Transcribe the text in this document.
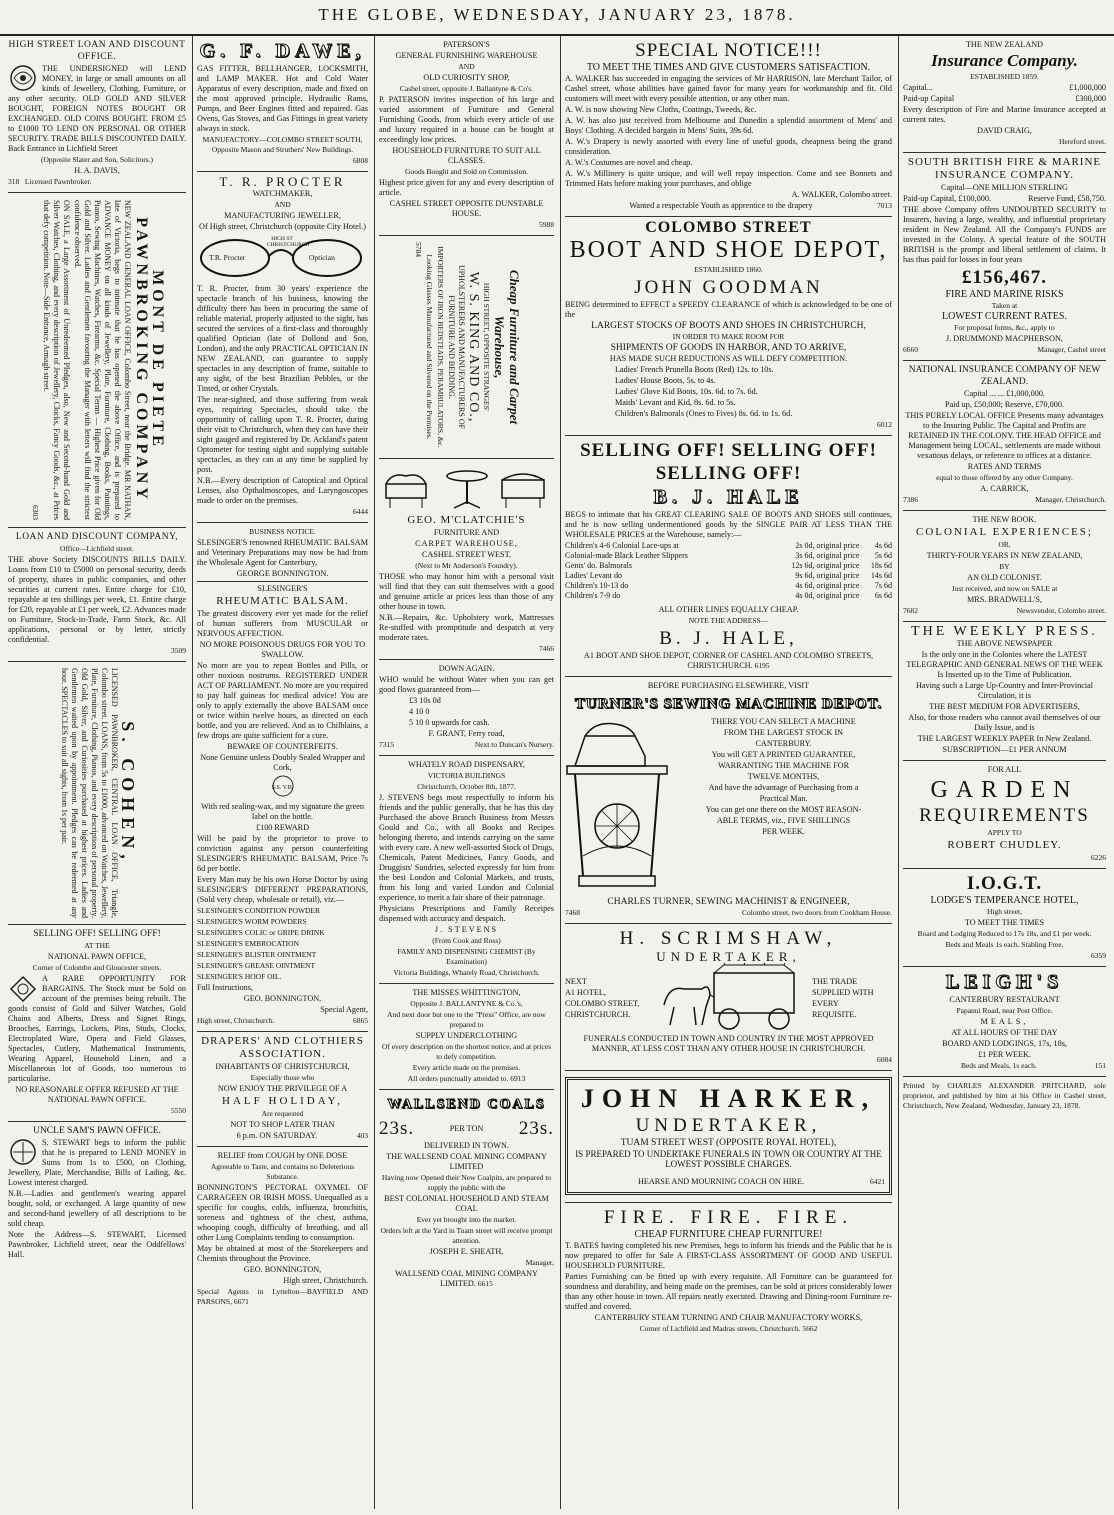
THE GLOBE, WEDNESDAY, JANUARY 23, 1878.
HIGH STREET LOAN AND DISCOUNT OFFICE.

THE UNDERSIGNED will LEND MONEY, in large or small amounts on all kinds of Jewellery, Clothing, Furniture, or any other security. OLD GOLD AND SILVER BOUGHT, FOREIGN NOTES BOUGHT OR EXCHANGED. OLD COINS BOUGHT. FROM £5 to £1000 TO LEND ON PERSONAL OR OTHER SECURITY. TRADE BILLS DISCOUNTED DAILY. Back Entrance in Lichfield Street

(Opposite Slater and Son, Solicitors.)

H. A. DAVIS,

318 Licensed Pawnbroker.

MONT DE PIETE PAWNBROKING COMPANY

NEW ZEALAND GENERAL LOAN OFFICE, Colombo Street, near the Bridge. MR NATHAN, late of Victoria, begs to intimate that he has opened the above Office, and is prepared to ADVANCE MONEY on all kinds of Jewellery, Plate, Furniture, Clothing, Books, Paintings, Pianos, Sewing Machines, Watches, Firearms, &c. Special Terms — Highest Price given for Old Gold and Silver. Ladies and Gentlemen favouring the Manager with letters will find the strictest confidence observed.

ON SALE, a Large Assortment of Unredeemed Pledges, also, New and Second-hand Gold and Silver Watches, Clothing, and every description of Jewellery, Clocks, Fancy Goods, &c., at Prices that defy competition. Note—Side Entrance, Armagh street.

6303

LOAN AND DISCOUNT COMPANY,

Office—Lichfield street.

THE above Society DISCOUNTS BILLS DAILY. Loans from £10 to £5000 on personal security, deeds of property, shares in public companies, and other securities at current rates. Entire charge for £10, repayable at ten shillings per week, £1. Entire charge for £20, repayable at £1 per week, £2. Advances made on Furniture, Stock-in-Trade, Farm Stock, &c. All applications, personal or by letter, strictly confidential.

3509

S. COHEN,

LICENSED PAWNBROKER, CENTRAL LOAN OFFICE, Triangle, Colombo street. LOANS, from 5s to £1000, advanced on Watches, Jewellery, Plate, Furniture, Clothing, Pianos, and every description of personal property. Old Gold, Silver, and Curiosities purchased at highest prices. Ladies and Gentlemen waited upon by appointment. Pledges can be redeemed at any hour. SPECTACLES to suit all sights, from 1s per pair.

SELLING OFF! SELLING OFF!

AT THE

NATIONAL PAWN OFFICE,

Corner of Colombo and Gloucester streets.

A RARE OPPORTUNITY FOR BARGAINS. The Stock must be Sold on account of the premises being rebuilt. The goods consist of Gold and Silver Watches, Gold Chains and Alberts, Dress and Signet Rings, Brooches, Earrings, Lockets, Pins, Studs, Clocks, Electroplated Ware, Opera and Field Glasses, Spectacles, Cutlery, Mathematical Instruments, Wearing Apparel, Household Linen, and a Miscellaneous lot of Goods, too numerous to particularise.

NO REASONABLE OFFER REFUSED AT THE NATIONAL PAWN OFFICE.

5550

UNCLE SAM'S PAWN OFFICE.

S. STEWART begs to inform the public that he is prepared to LEND MONEY in Sums from 1s to £500, on Clothing, Jewellery, Plate, Merchandise, Bills of Lading, &c. Lowest interest charged.

N.B.—Ladies and gentlemen's wearing apparel bought, sold, or exchanged. A large quantity of new and second-hand jewellery of all descriptions to be sold cheap.

Note the Address—S. STEWART, Licensed Pawnbroker, Lichfield street, near the Oddfellows' Hall.

G. F. DAWE,

GAS FITTER, BELLHANGER, LOCKSMITH, and LAMP MAKER. Hot and Cold Water Apparatus of every description, made and fixed on the most approved principle. Hydraulic Rams, Pumps, and Beer Engines fitted and repaired. Gas Ovens, Gas Stoves, and Gas Fittings in great variety always in stock.

MANUFACTORY—COLOMBO STREET SOUTH, Opposite Mason and Struthers' New Buildings.

6808

T. R. PROCTER

WATCHMAKER,

AND

MANUFACTURING JEWELLER,

Of High street, Christchurch (opposite City Hotel.)

T.R. Procter
HIGH ST CHRISTCHURCH
Optician

T. R. Procter, from 30 years' experience the spectacle branch of his business, knowing the difficulty there has been in procuring the same of reliable material, properly adjusted to the sight, has secured the services of a first-class and thoroughly qualified Optician (late of Dollond and Son, London), and the only PRACTICAL OPTICIAN IN NEW ZEALAND, can guarantee to supply spectacles in any description of frame, suitable to any sight, of the best Brazilian Pebbles, or the Tinted, or other Crystals.

The near-sighted, and those suffering from weak eyes, requiring Spectacles, should take the opportunity of calling upon T. R. Procter, during their visit to Christchurch, when they can have their sight gauged and registered by Dr. Ackland's patent Optometer for testing sight and supplying suitable spectacles, as they can at any time be supplied by post.

N.B.—Every description of Catoptical and Optical Lenses, also Opthalmoscopes, and Laryngoscopes made to order on the premises.

6444

BUSINESS NOTICE.

SLESINGER'S renowned RHEUMATIC BALSAM and Veterinary Preparations may now be had from the Wholesale Agent for Canterbury,

GEORGE BONNINGTON.

SLESINGER'S

RHEUMATIC BALSAM.

The greatest discovery ever yet made for the relief of human sufferers from MUSCULAR or NERVOUS AFFECTION.

NO MORE POISONOUS DRUGS FOR YOU TO SWALLOW.

No more are you to repeat Bottles and Pills, or other noxious nostrums. REGISTERED UNDER ACT OF PARLIAMENT. No more are you required to pay half guineas for medical advice! You are only to apply externally the above BALSAM once or twice within twelve hours, as directed on each bottle, and you are relieved. And as to Chilblains, a few drops are quite sufficient for a cure.

BEWARE OF COUNTERFEITS.

None Genuine unless Doubly Sealed Wrapper and Cork,

S.S. V.B.

With red sealing-wax, and my signature the green label on the bottle.

£100 REWARD

Will be paid by the proprietor to prove to conviction against any person counterfeiting SLESINGER'S RHEUMATIC BALSAM, Price 7s 6d per bottle.

Every Man may be his own Horse Doctor by using SLESINGER'S DIFFERENT PREPARATIONS, (Sold very cheap, wholesale or retail), viz.—

SLESINGER'S CONDITION POWDER

SLESINGER'S WORM POWDERS

SLESINGER'S COLIC or GRIPE DRINK

SLESINGER'S EMBROCATION

SLESINGER'S BLISTER OINTMENT

SLESINGER'S GREASE OINTMENT

SLESINGER'S HOOF OIL.

Full Instructions,

GEO. BONNINGTON,

Special Agent,

High street, Christchurch.	6865

DRAPERS' AND CLOTHIERS ASSOCIATION.

INHABITANTS OF CHRISTCHURCH,

Especially those who

NOW ENJOY THE PRIVILEGE OF A

HALF HOLIDAY,

Are requested

NOT TO SHOP LATER THAN

6 p.m. ON SATURDAY.	403

RELIEF from COUGH by ONE DOSE

Agreeable to Taste, and contains no Deleterious Substance.

BONNINGTON'S PECTORAL OXYMEL OF CARRAGEEN OR IRISH MOSS. Unequalled as a specific for coughs, colds, influenza, bronchitis, soreness and tightness of the chest, asthma, whooping cough, difficulty of breathing, and all other Lung Complaints tending to consumption.

May be obtained at most of the Storekeepers and Chemists throughout the Province.

GEO. BONNINGTON,

High street, Christchurch.

Special Agents in Lyttelton—BAYFIELD AND PARSONS, 6671

PATERSON'S

GENERAL FURNISHING WAREHOUSE

AND

OLD CURIOSITY SHOP,

Cashel street, opposite J. Ballantyne & Co's.

P. PATERSON invites inspection of his large and varied assortment of Furniture and General Furnishing Goods, from which every article of use and luxury required in a house can be bought at exceedingly low prices.

HOUSEHOLD FURNITURE TO SUIT ALL CLASSES.

Goods Bought and Sold on Commission.

Highest price given for any and every description of article.

CASHEL STREET OPPOSITE DUNSTABLE HOUSE.

5988

Cheap Furniture and Carpet Warehouse,

HIGH STREET, OPPOSITE STRANGES'

W. S. KING AND CO.,

UPHOLSTERERS AND MANUFACTURERS OF FURNITURE AND BEDDING.

IMPORTERS OF IRON BEDSTEADS, PERAMBULATORS, &c.

Looking Glasses Manufactured and Silvered on the Premises.

5784

GEO. M'CLATCHIE'S

FURNITURE AND

CARPET WAREHOUSE,

CASHEL STREET WEST,

(Next to Mr Anderson's Foundry).

THOSE who may honor him with a personal visit will find that they can suit themselves with a good and genuine article at prices less than those of any other house in town.

N.B.—Repairs, &c. Upholstery work, Mattresses Re-stuffed with promptitude and despatch at very moderate rates.

7466

DOWN AGAIN.

WHO would be without Water when you can get good flows guaranteed from—

£3 10s 0d

4 10 0

5 10 0 upwards for cash.

F. GRANT, Ferry road,

7315	Next to Duncan's Nursery.

WHATELY ROAD DISPENSARY,

VICTORIA BUILDINGS

Christchurch, October 8th, 1877.

J. STEVENS begs most respectfully to inform his friends and the public generally, that he has this day Purchased the above Branch Business from Messrs Gould and Co., with all Books and Recipes belonging thereto, and intends carrying on the same with every care. A new well-assorted Stock of Drugs, Chemicals, Patent Medicines, Fancy Goods, and Druggists' Sundries, selected expressly for him from the best London and Colonial Markets, and trusts, from his long and varied London and Colonial experience, to merit a fair share of their patronage.

Physicians Prescriptions and Family Receipes dispensed with accuracy and despatch.

J. STEVENS

(From Cook and Ross)

FAMILY AND DISPENSING CHEMIST (By Examination)

Victoria Buildings, Whately Road, Christchurch.

THE MISSES WHITTINGTON,

Opposite J. BALLANTYNE & Co.'s,

And next door but one to the "Press" Office, are now prepared to

SUPPLY UNDERCLOTHING

Of every description on the shortest notice, and at prices to defy competition.

Every article made on the premises.

All orders punctually attended to. 6913

WALLSEND COALS
23s.	PER TON 23s.

DELIVERED IN TOWN.

THE WALLSEND COAL MINING COMPANY LIMITED

Having now Opened their New Coalpits, are prepared to supply the public with the

BEST COLONIAL HOUSEHOLD AND STEAM COAL

Ever yet brought into the market.

Orders left at the Yard in Tuam street will receive prompt attention.

JOSEPH E. SHEATH,

Manager,

WALLSEND COAL MINING COMPANY LIMITED. 6615

SPECIAL NOTICE!!!

TO MEET THE TIMES AND GIVE CUSTOMERS SATISFACTION.

A. WALKER has succeeded in engaging the services of Mr HARRISON, late Merchant Tailor, of Cashel street, whose abilities have gained favor for many years for workmanship and fit. Old customers will meet with every possible attention, or any other man.

A. W. is now showing New Cloths, Coatings, Tweeds, &c.

A. W. has also just received from Melbourne and Dunedin a splendid assortment of Mens' and Boys' Clothing. A decided bargain in Mens' Suits, 39s 6d.

A. W.'s Drapery is newly assorted with every line of useful goods, cheapness being the grand consideration.

A. W.'s Costumes are novel and cheap.

A. W.'s Millinery is quite unique, and will well repay inspection. Come and see Bonnets and Trimmed Hats before making your purchases, and oblige

A. WALKER, Colombo street.

Wanted a respectable Youth as apprentice to the drapery	7013

COLOMBO STREET
BOOT AND SHOE DEPOT,

ESTABLISHED 1860.

JOHN GOODMAN

BEING determined to EFFECT a SPEEDY CLEARANCE of which is acknowledged to be one of the

LARGEST STOCKS OF BOOTS AND SHOES IN CHRISTCHURCH,

IN ORDER TO MAKE ROOM FOR

SHIPMENTS OF GOODS IN HARBOR, AND TO ARRIVE,

HAS MADE SUCH REDUCTIONS AS WILL DEFY COMPETITION.

Ladies' French Prunella Boots (Red) 12s. to 10s.

Ladies' House Boots, 5s. to 4s.

Ladies' Glove Kid Boots, 10s. 6d. to 7s. 6d.

Maids' Levant and Kid, 8s. 6d. to 5s.

Children's Balmorals (Ones to Fives) 8s. 6d. to 1s. 6d.

6012

SELLING OFF! SELLING OFF!
SELLING OFF!
B. J. HALE

BEGS to intimate that his GREAT CLEARING SALE OF BOOTS AND SHOES still continues, and he is now selling undermentioned goods by the SINGLE PAIR AT LESS THAN THE WHOLESALE PRICES at the Warehouse, namely:—

Children's 4-6 Colonial Lace-ups at	2s 0d, original price	4s 6d
Colonial-made Black Leather Slippers	3s 6d, original price	5s 6d
Gents' do. Balmorals	12s 6d, original price	18s 6d
Ladies' Levant do	9s 6d, original price	14s 6d
Children's 10-13 do	4s 6d, original price	7s 6d
Children's 7-9 do	4s 0d, original price	6s 6d

ALL OTHER LINES EQUALLY CHEAP.

NOTE THE ADDRESS—

B. J. HALE,

A1 BOOT AND SHOE DEPOT, CORNER OF CASHEL AND COLOMBO STREETS, CHRISTCHURCH. 6195

BEFORE PURCHASING ELSEWHERE, VISIT

TURNER'S SEWING MACHINE DEPOT.

THERE YOU CAN SELECT A MACHINE

FROM THE LARGEST STOCK IN

CANTERBURY.

You will GET A PRINTED GUARANTEE,

WARRANTING THE MACHINE FOR

TWELVE MONTHS,

And have the advantage of Purchasing from a

Practical Man.

You can get one there on the MOST REASON-

ABLE TERMS, viz., FIVE SHILLINGS

PER WEEK.

CHARLES TURNER, SEWING MACHINIST & ENGINEER,

7468	Colombo street, two doors from Cookham House.

H. SCRIMSHAW,
UNDERTAKER,

NEXT

A1 HOTEL,

COLOMBO STREET,

CHRISTCHURCH.

THE TRADE

SUPPLIED WITH

EVERY

REQUISITE.

FUNERALS CONDUCTED IN TOWN AND COUNTRY IN THE MOST APPROVED MANNER, AT LESS COST THAN ANY OTHER HOUSE IN CHRISTCHURCH.

6084

JOHN HARKER,
UNDERTAKER,

TUAM STREET WEST (OPPOSITE ROYAL HOTEL),

IS PREPARED TO UNDERTAKE FUNERALS IN TOWN OR COUNTRY AT THE LOWEST POSSIBLE CHARGES.

HEARSE AND MOURNING COACH ON HIRE.	6421

FIRE. FIRE. FIRE.

CHEAP FURNITURE CHEAP FURNITURE!

T. BATES having completed his new Premises, begs to inform his friends and the Public that he is now prepared to offer for Sale A FIRST-CLASS ASSORTMENT OF GOOD AND USEFUL HOUSEHOLD FURNITURE.

Parties Furnishing can be fitted up with every requisite. All Furniture can be guaranteed for soundness and durability, and being made on the premises, can be sold at prices considerably lower than any other house in town. All repairs neatly executed. Drawing and Dining-room Furniture re-stuffed and covered.

CANTERBURY STEAM TURNING AND CHAIR MANUFACTORY WORKS,

Corner of Lichfield and Madras streets, Christchurch. 5662

THE NEW ZEALAND

Insurance Company.

ESTABLISHED 1859.

Capital...	£1,000,000

Paid-up Capital	£300,000

Every description of Fire and Marine Insurance accepted at current rates.

DAVID CRAIG,

Hereford street.

SOUTH BRITISH FIRE & MARINE INSURANCE COMPANY.

Capital—ONE MILLION STERLING

Paid-up Capital, £100,000.	Reserve Fund, £58,750.

THE above Company offers UNDOUBTED SECURITY to Insurers, having a large, wealthy, and influential proprietary resident in New Zealand. All the Company's FUNDS are invested in the Colony. A special feature of the SOUTH BRITISH is the prompt and liberal settlement of claims. It has thus paid for losses in four years

£156,467.

FIRE AND MARINE RISKS

Taken at

LOWEST CURRENT RATES.

For proposal forms, &c., apply to

J. DRUMMOND MACPHERSON,

6660	Manager, Cashel street

NATIONAL INSURANCE COMPANY OF NEW ZEALAND.

Capital ... ... £1,000,000.

Paid up, £50,000; Reserve, £70,000.

THIS PURELY LOCAL OFFICE Presents many advantages to the Insuring Public. The Capital and Profits are RETAINED IN THE COLONY. THE HEAD OFFICE and Management being LOCAL, settlements are made without vexatious delays, or reference to offices at a distance.

RATES AND TERMS

equal to those offered by any other Company.

A. CARRICK,

7386	Manager, Christchurch.

THE NEW BOOK.

COLONIAL EXPERIENCES;

OR,

THIRTY-FOUR YEARS IN NEW ZEALAND,

BY

AN OLD COLONIST.

Just received, and now on SALE at

MRS. BRADWELL'S,

7682	Newsvendor, Colombo street.

THE WEEKLY PRESS.

THE ABOVE NEWSPAPER

Is the only one in the Colonies where the LATEST TELEGRAPHIC AND GENERAL NEWS OF THE WEEK Is Inserted up to the Time of Publication.

Having such a Large Up-Country and Inter-Provincial Circulation, it is

THE BEST MEDIUM FOR ADVERTISERS,

Also, for those readers who cannot avail themselves of our Daily Issue, and is

THE LARGEST WEEKLY PAPER In New Zealand.

SUBSCRIPTION—£1 PER ANNUM

FOR ALL

GARDEN
REQUIREMENTS

APPLY TO

ROBERT CHUDLEY.

6226

I.O.G.T.

LODGE'S TEMPERANCE HOTEL,

High street,

TO MEET THE TIMES

Board and Lodging Reduced to 17s 18s, and £1 per week.

Beds and Meals 1s each. Stabling Free.

6359

LEIGH'S

CANTERBURY RESTAURANT

Papanui Road, near Post Office.

MEALS,

AT ALL HOURS OF THE DAY

BOARD AND LODGINGS, 17s, 18s,

£1 PER WEEK.

Beds and Meals, 1s each.	151

Printed by CHARLES ALEXANDER PRITCHARD, sole proprietor, and published by him at his Office in Cashel street, Christchurch, New Zealand, Wednesday, January 23, 1878.
